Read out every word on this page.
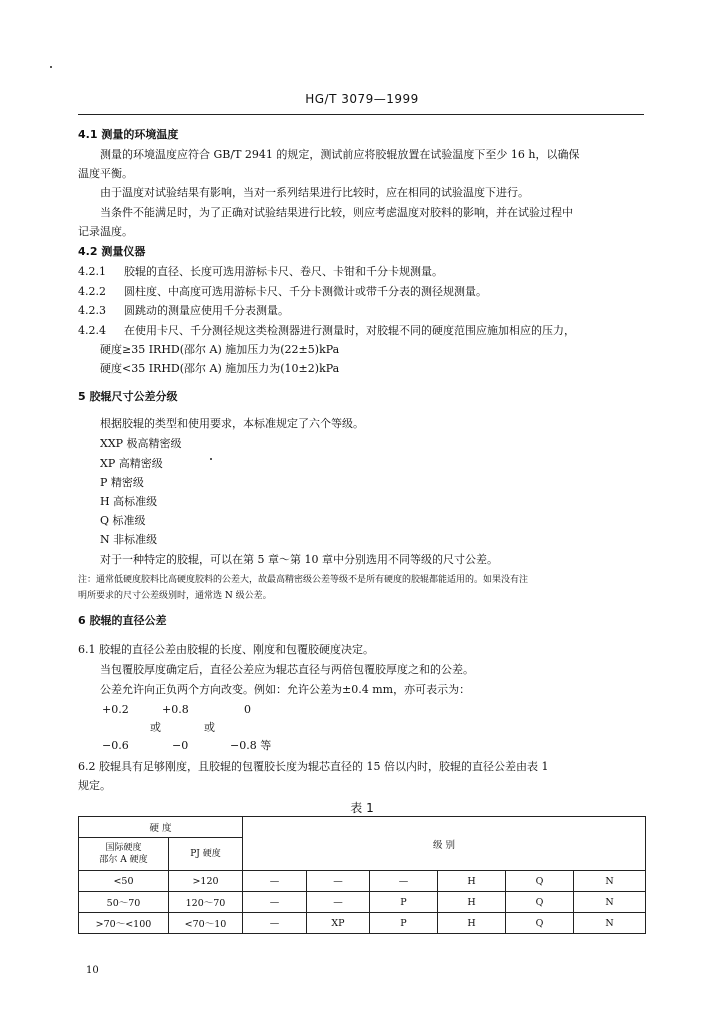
HG/T 3079—1999
4.1 测量的环境温度
测量的环境温度应符合 GB/T 2941 的规定，测试前应将胶辊放置在试验温度下至少 16 h，以确保
温度平衡。
由于温度对试验结果有影响，当对一系列结果进行比较时，应在相同的试验温度下进行。
当条件不能满足时，为了正确对试验结果进行比较，则应考虑温度对胶料的影响，并在试验过程中
记录温度。
4.2 测量仪器
4.2.1 胶辊的直径、长度可选用游标卡尺、卷尺、卡钳和千分卡规测量。
4.2.2 圆柱度、中高度可选用游标卡尺、千分卡测微计或带千分表的测径规测量。
4.2.3 圆跳动的测量应使用千分表测量。
4.2.4 在使用卡尺、千分测径规这类检测器进行测量时，对胶辊不同的硬度范围应施加相应的压力，
硬度≥35 IRHD(邵尔 A) 施加压力为(22±5)kPa
硬度<35 IRHD(邵尔 A) 施加压力为(10±2)kPa
5 胶辊尺寸公差分级
根据胶辊的类型和使用要求，本标准规定了六个等级。
XXP 极高精密级
XP 高精密级
P 精密级
H 高标准级
Q 标准级
N 非标准级
对于一种特定的胶辊，可以在第 5 章～第 10 章中分别选用不同等级的尺寸公差。
注：通常低硬度胶料比高硬度胶料的公差大，故最高精密级公差等级不是所有硬度的胶辊都能适用的。如果没有注
明所要求的尺寸公差级别时，通常选 N 级公差。
6 胶辊的直径公差
6.1 胶辊的直径公差由胶辊的长度、刚度和包覆胶硬度决定。
当包覆胶厚度确定后，直径公差应为辊芯直径与两倍包覆胶厚度之和的公差。
公差允许向正负两个方向改变。例如：允许公差为±0.4 mm，亦可表示为：
+0.2	+0.8	0
或	或
−0.6	−0	−0.8 等
6.2 胶辊具有足够刚度，且胶辊的包覆胶长度为辊芯直径的 15 倍以内时，胶辊的直径公差由表 1
规定。
表 1
硬 度		级 别					
国际硬度
邵尔 A 硬度	PJ 硬度						
<50	>120	—	—	—	H	Q	N
50～70	120～70	—	—	P	H	Q	N
>70～<100	<70～10	—	XP	P	H	Q	N
10
